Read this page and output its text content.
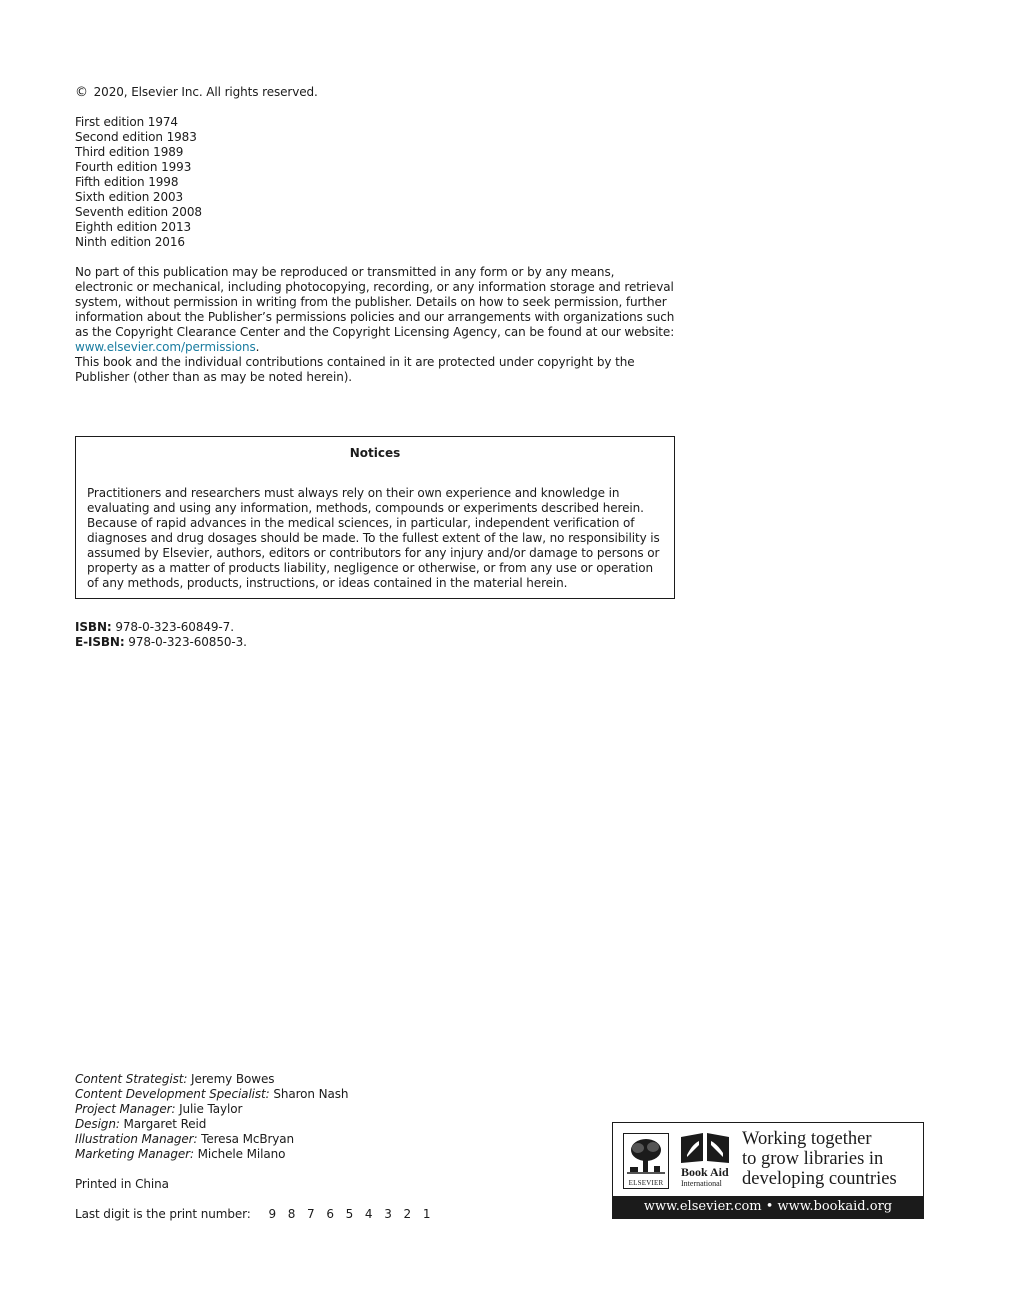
© 2020, Elsevier Inc. All rights reserved.
First edition 1974
Second edition 1983
Third edition 1989
Fourth edition 1993
Fifth edition 1998
Sixth edition 2003
Seventh edition 2008
Eighth edition 2013
Ninth edition 2016
No part of this publication may be reproduced or transmitted in any form or by any means, electronic or mechanical, including photocopying, recording, or any information storage and retrieval system, without permission in writing from the publisher. Details on how to seek permission, further information about the Publisher’s permissions policies and our arrangements with organizations such as the Copyright Clearance Center and the Copyright Licensing Agency, can be found at our website: www.elsevier.com/permissions.
This book and the individual contributions contained in it are protected under copyright by the Publisher (other than as may be noted herein).
Notices
Practitioners and researchers must always rely on their own experience and knowledge in evaluating and using any information, methods, compounds or experiments described herein. Because of rapid advances in the medical sciences, in particular, independent verification of diagnoses and drug dosages should be made. To the fullest extent of the law, no responsibility is assumed by Elsevier, authors, editors or contributors for any injury and/or damage to persons or property as a matter of products liability, negligence or otherwise, or from any use or operation of any methods, products, instructions, or ideas contained in the material herein.
ISBN: 978-0-323-60849-7.
E-ISBN: 978-0-323-60850-3.
Content Strategist: Jeremy Bowes
Content Development Specialist: Sharon Nash
Project Manager: Julie Taylor
Design: Margaret Reid
Illustration Manager: Teresa McBryan
Marketing Manager: Michele Milano
Printed in China
Last digit is the print number: 9 8 7 6 5 4 3 2 1
ELSEVIER
Book Aid
International
Working together
to grow libraries in
developing countries
www.elsevier.com • www.bookaid.org
